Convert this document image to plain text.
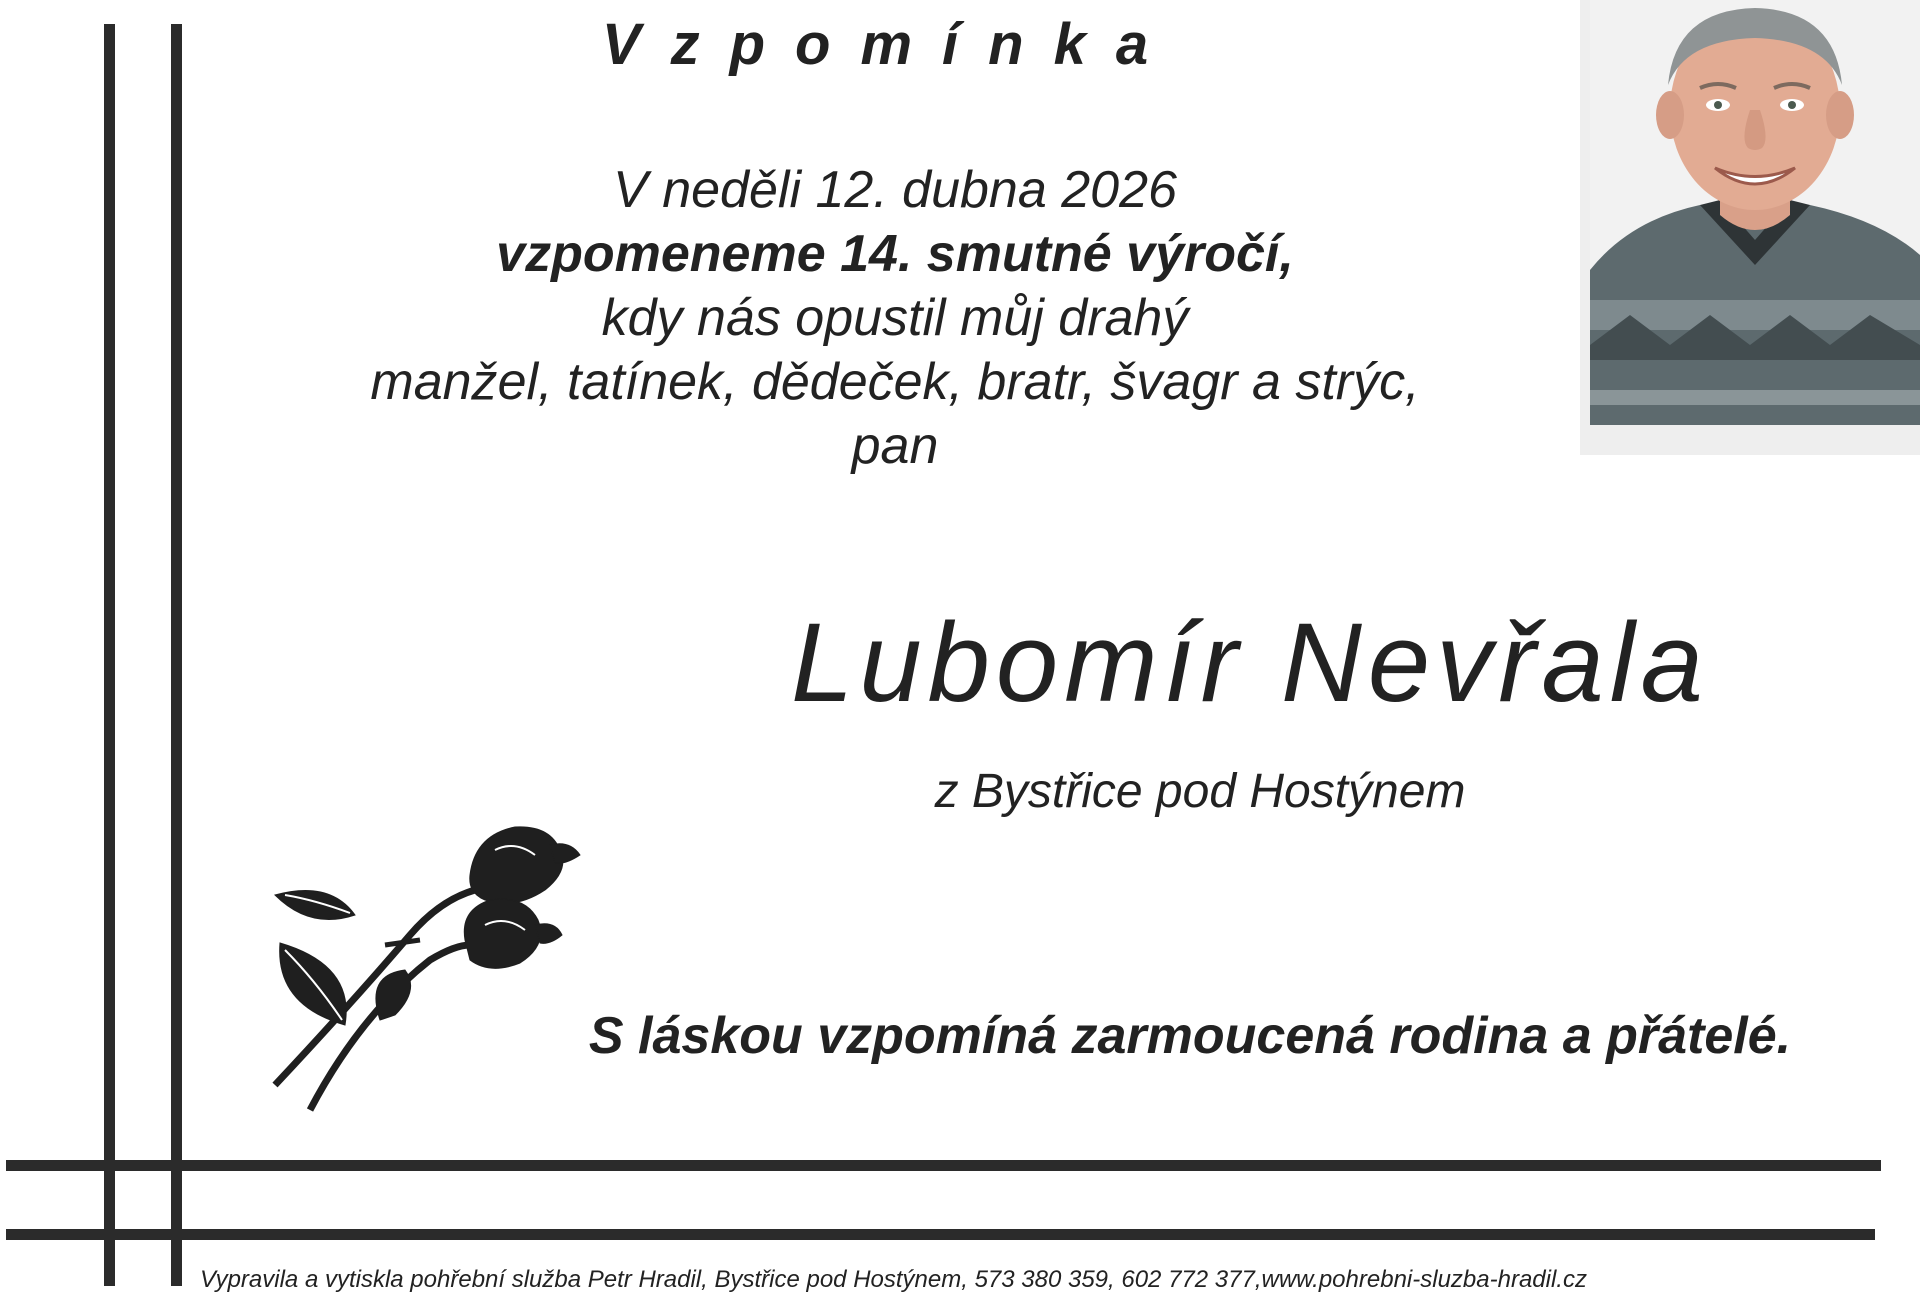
Vzpomínka
V neděli 12. dubna 2026
vzpomeneme 14. smutné výročí,
kdy nás opustil můj drahý
manžel, tatínek, dědeček, bratr, švagr a strýc,
pan
Lubomír Nevřala
z Bystřice pod Hostýnem
S láskou vzpomíná zarmoucená rodina a přátelé.
Vypravila a vytiskla pohřební služba Petr Hradil, Bystřice pod Hostýnem, 573 380 359, 602 772 377,www.pohrebni-sluzba-hradil.cz
